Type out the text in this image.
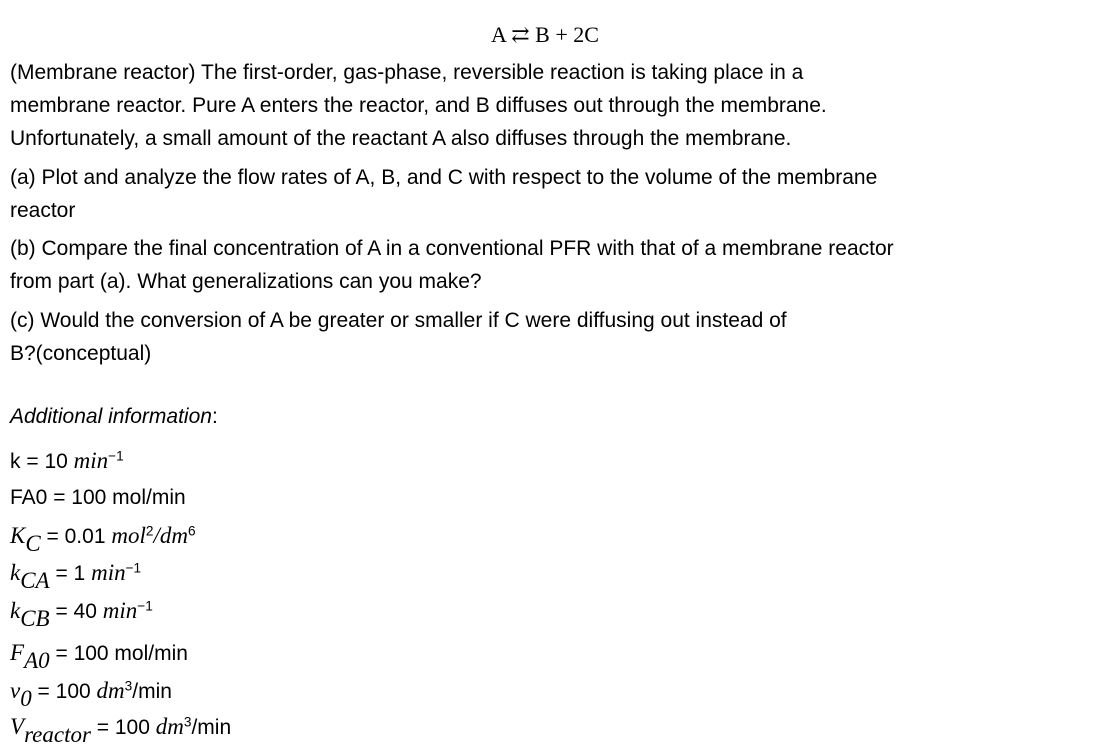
A ⇄ B + 2C
(Membrane reactor) The first-order, gas-phase, reversible reaction is taking place in a
membrane reactor. Pure A enters the reactor, and B diffuses out through the membrane.
Unfortunately, a small amount of the reactant A also diffuses through the membrane.
(a) Plot and analyze the flow rates of A, B, and C with respect to the volume of the membrane
reactor
(b) Compare the final concentration of A in a conventional PFR with that of a membrane reactor
from part (a). What generalizations can you make?
(c) Would the conversion of A be greater or smaller if C were diffusing out instead of
B?(conceptual)
Additional information:
k = 10 $\min^{-1}$
FA0 = 100 mol/min
$K_C = 0.01$ $mol^2/dm^6$
$k_{CA} = 1$ $\min^{-1}$
$k_{CB} = 40$ $\min^{-1}$
$F_{A0} = 100$ mol/min
$v_0 = 100$ $dm^3/\min$
$V_{reactor} = 100$ $dm^3/\min$
